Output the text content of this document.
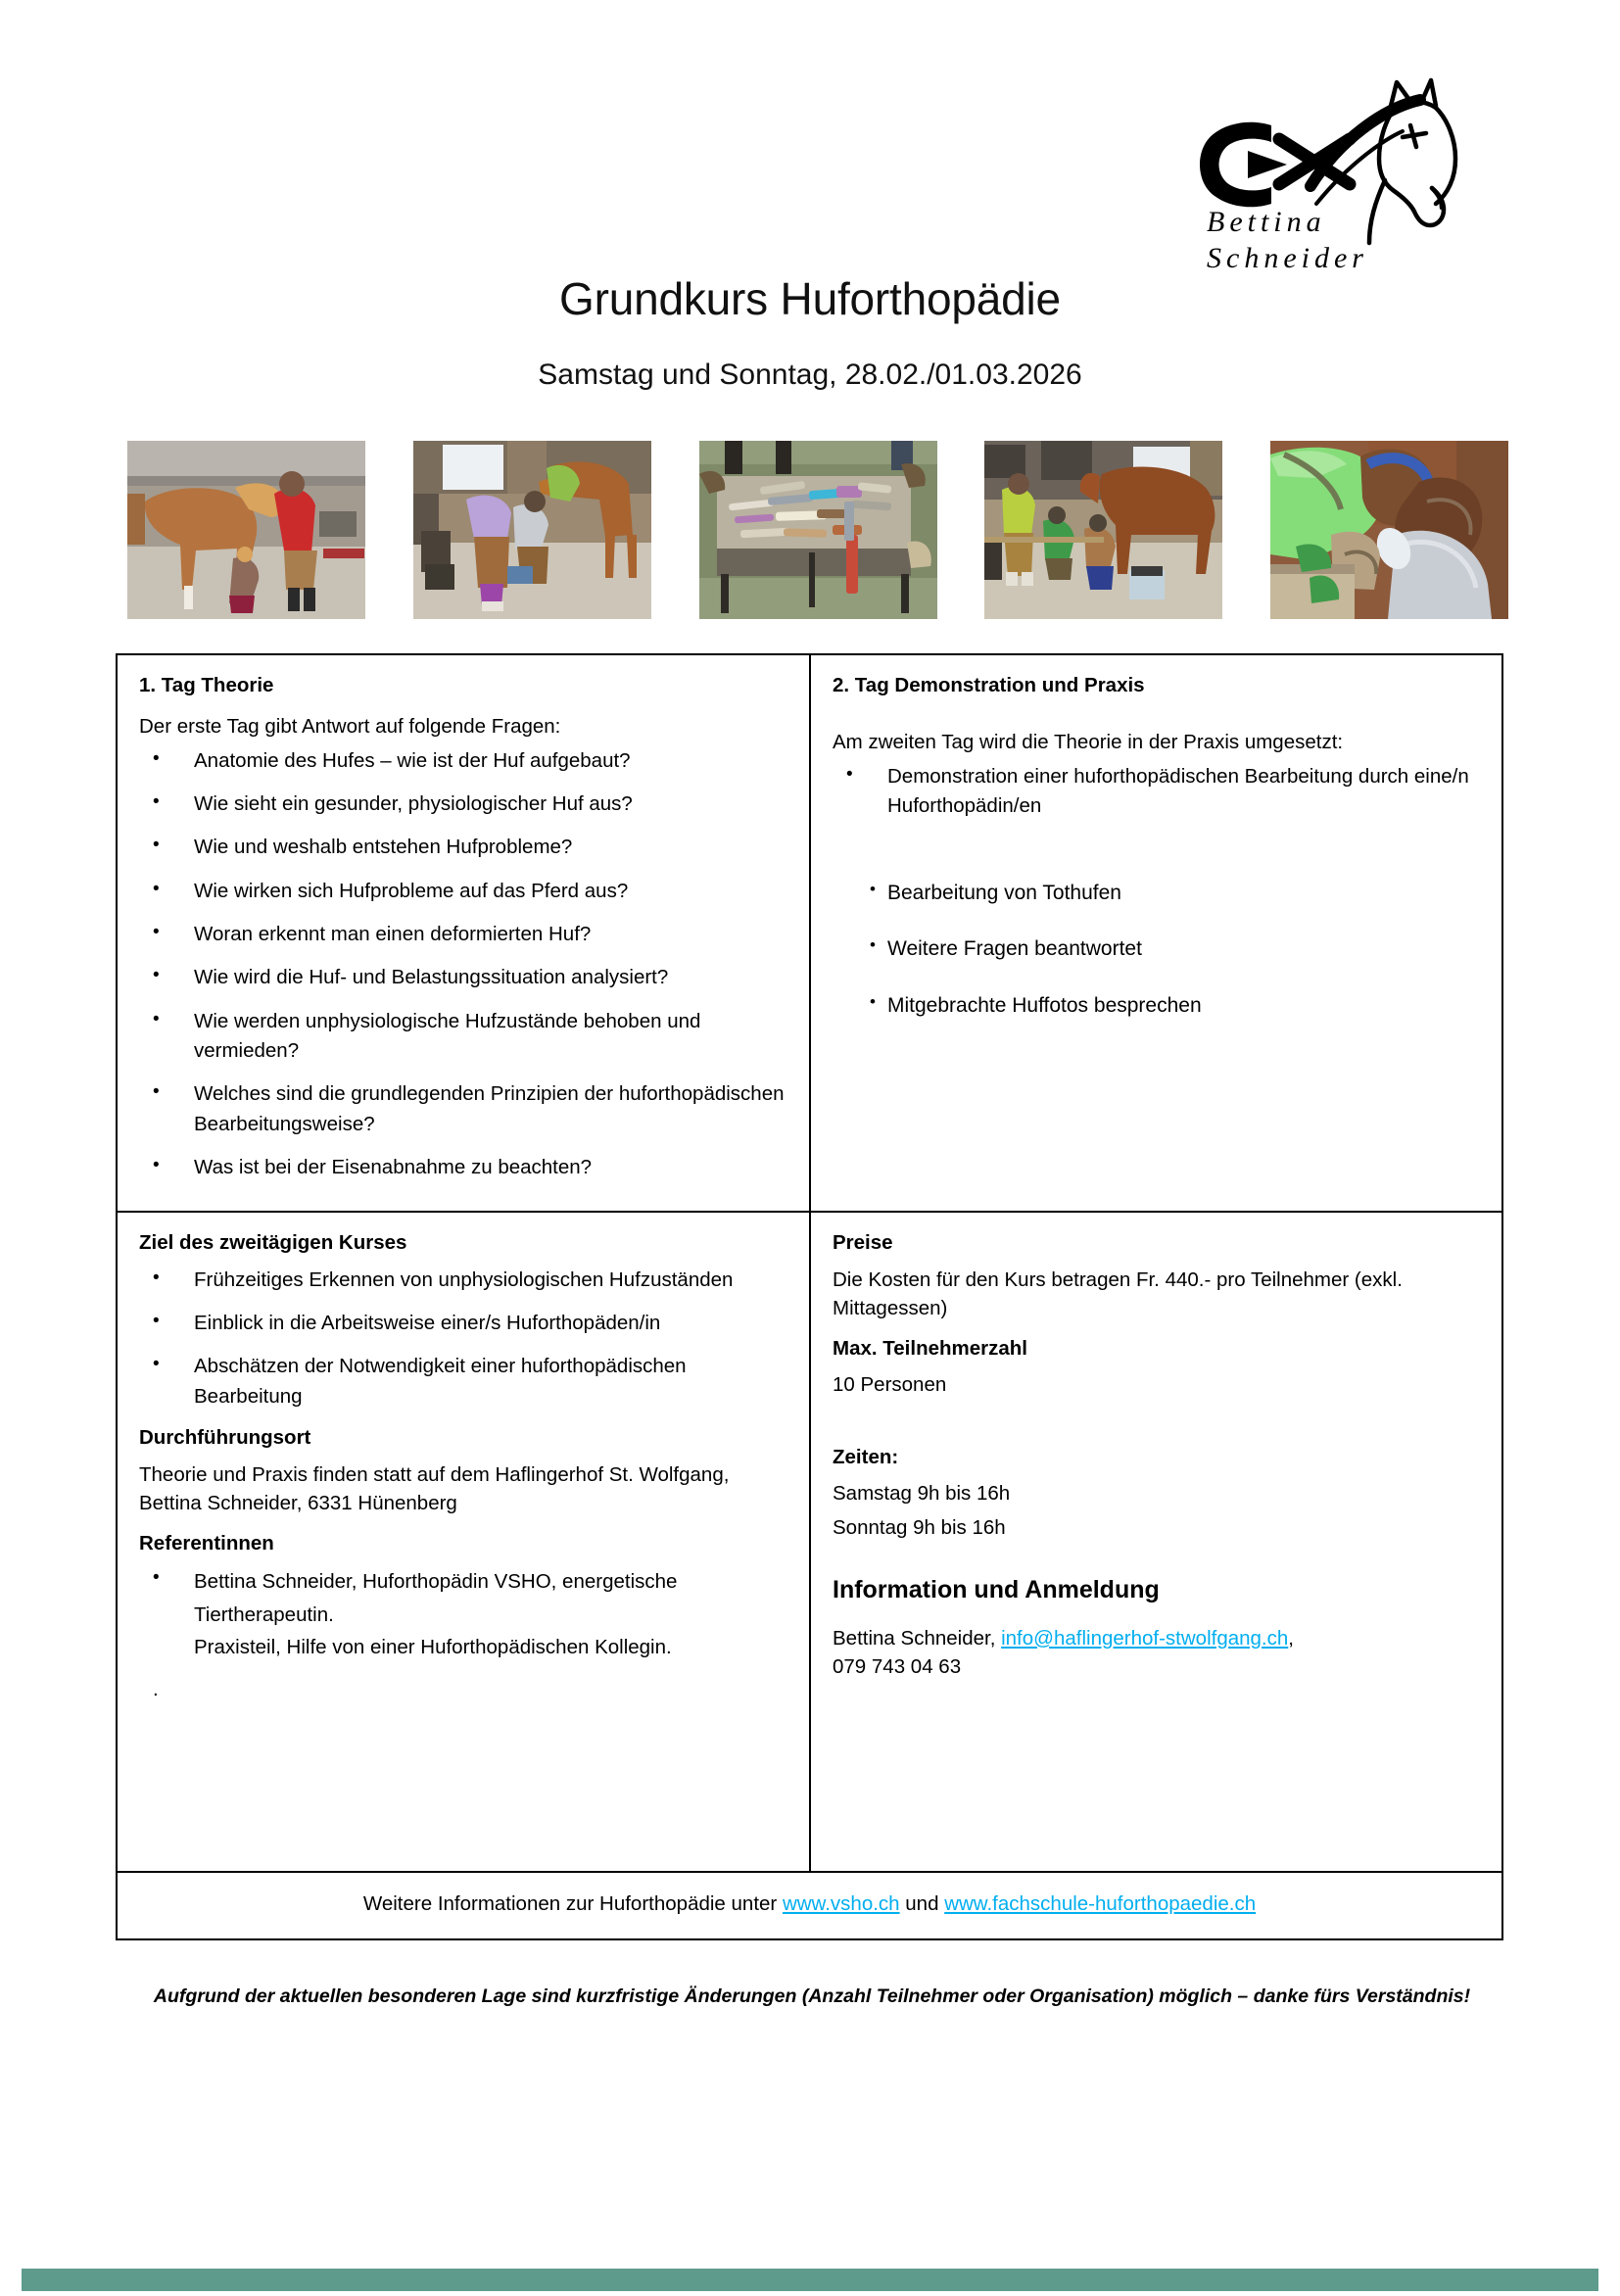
Bettina
Schneider
Grundkurs Huforthopädie
Samstag und Sonntag, 28.02./01.03.2026
1. Tag Theorie

Der erste Tag gibt Antwort auf folgende Fragen:

• Anatomie des Hufes – wie ist der Huf aufgebaut?
• Wie sieht ein gesunder, physiologischer Huf aus?
• Wie und weshalb entstehen Hufprobleme?
• Wie wirken sich Hufprobleme auf das Pferd aus?
• Woran erkennt man einen deformierten Huf?
• Wie wird die Huf- und Belastungssituation analysiert?
• Wie werden unphysiologische Hufzustände behoben und vermieden?
• Welches sind die grundlegenden Prinzipien der huforthopädischen Bearbeitungsweise?
• Was ist bei der Eisenabnahme zu beachten?
2. Tag Demonstration und Praxis

Am zweiten Tag wird die Theorie in der Praxis umgesetzt:

• Demonstration einer huforthopädischen Bearbeitung durch eine/n Huforthopädin/en
• Bearbeitung von Tothufen
• Weitere Fragen beantwortet
• Mitgebrachte Huffotos besprechen
Ziel des zweitägigen Kurses
• Frühzeitiges Erkennen von unphysiologischen Hufzuständen
• Einblick in die Arbeitsweise einer/s Huforthopäden/in
• Abschätzen der Notwendigkeit einer huforthopädischen Bearbeitung
Durchführungsort

Theorie und Praxis finden statt auf dem Haflingerhof St. Wolfgang, Bettina Schneider, 6331 Hünenberg

Referentinnen
• Bettina Schneider, Huforthopädin VSHO, energetische Tiertherapeutin.
Praxisteil, Hilfe von einer Huforthopädischen Kollegin.

.

Preise

Die Kosten für den Kurs betragen Fr. 440.- pro Teilnehmer (exkl. Mittagessen)

Max. Teilnehmerzahl

10 Personen

Zeiten:

Samstag 9h bis 16h

Sonntag 9h bis 16h

Information und Anmeldung

Bettina Schneider, info@haflingerhof-stwolfgang.ch,
079 743 04 63

Weitere Informationen zur Huforthopädie unter www.vsho.ch und www.fachschule-huforthopaedie.ch
Aufgrund der aktuellen besonderen Lage sind kurzfristige Änderungen (Anzahl Teilnehmer oder Organisation) möglich – danke fürs Verständnis!
